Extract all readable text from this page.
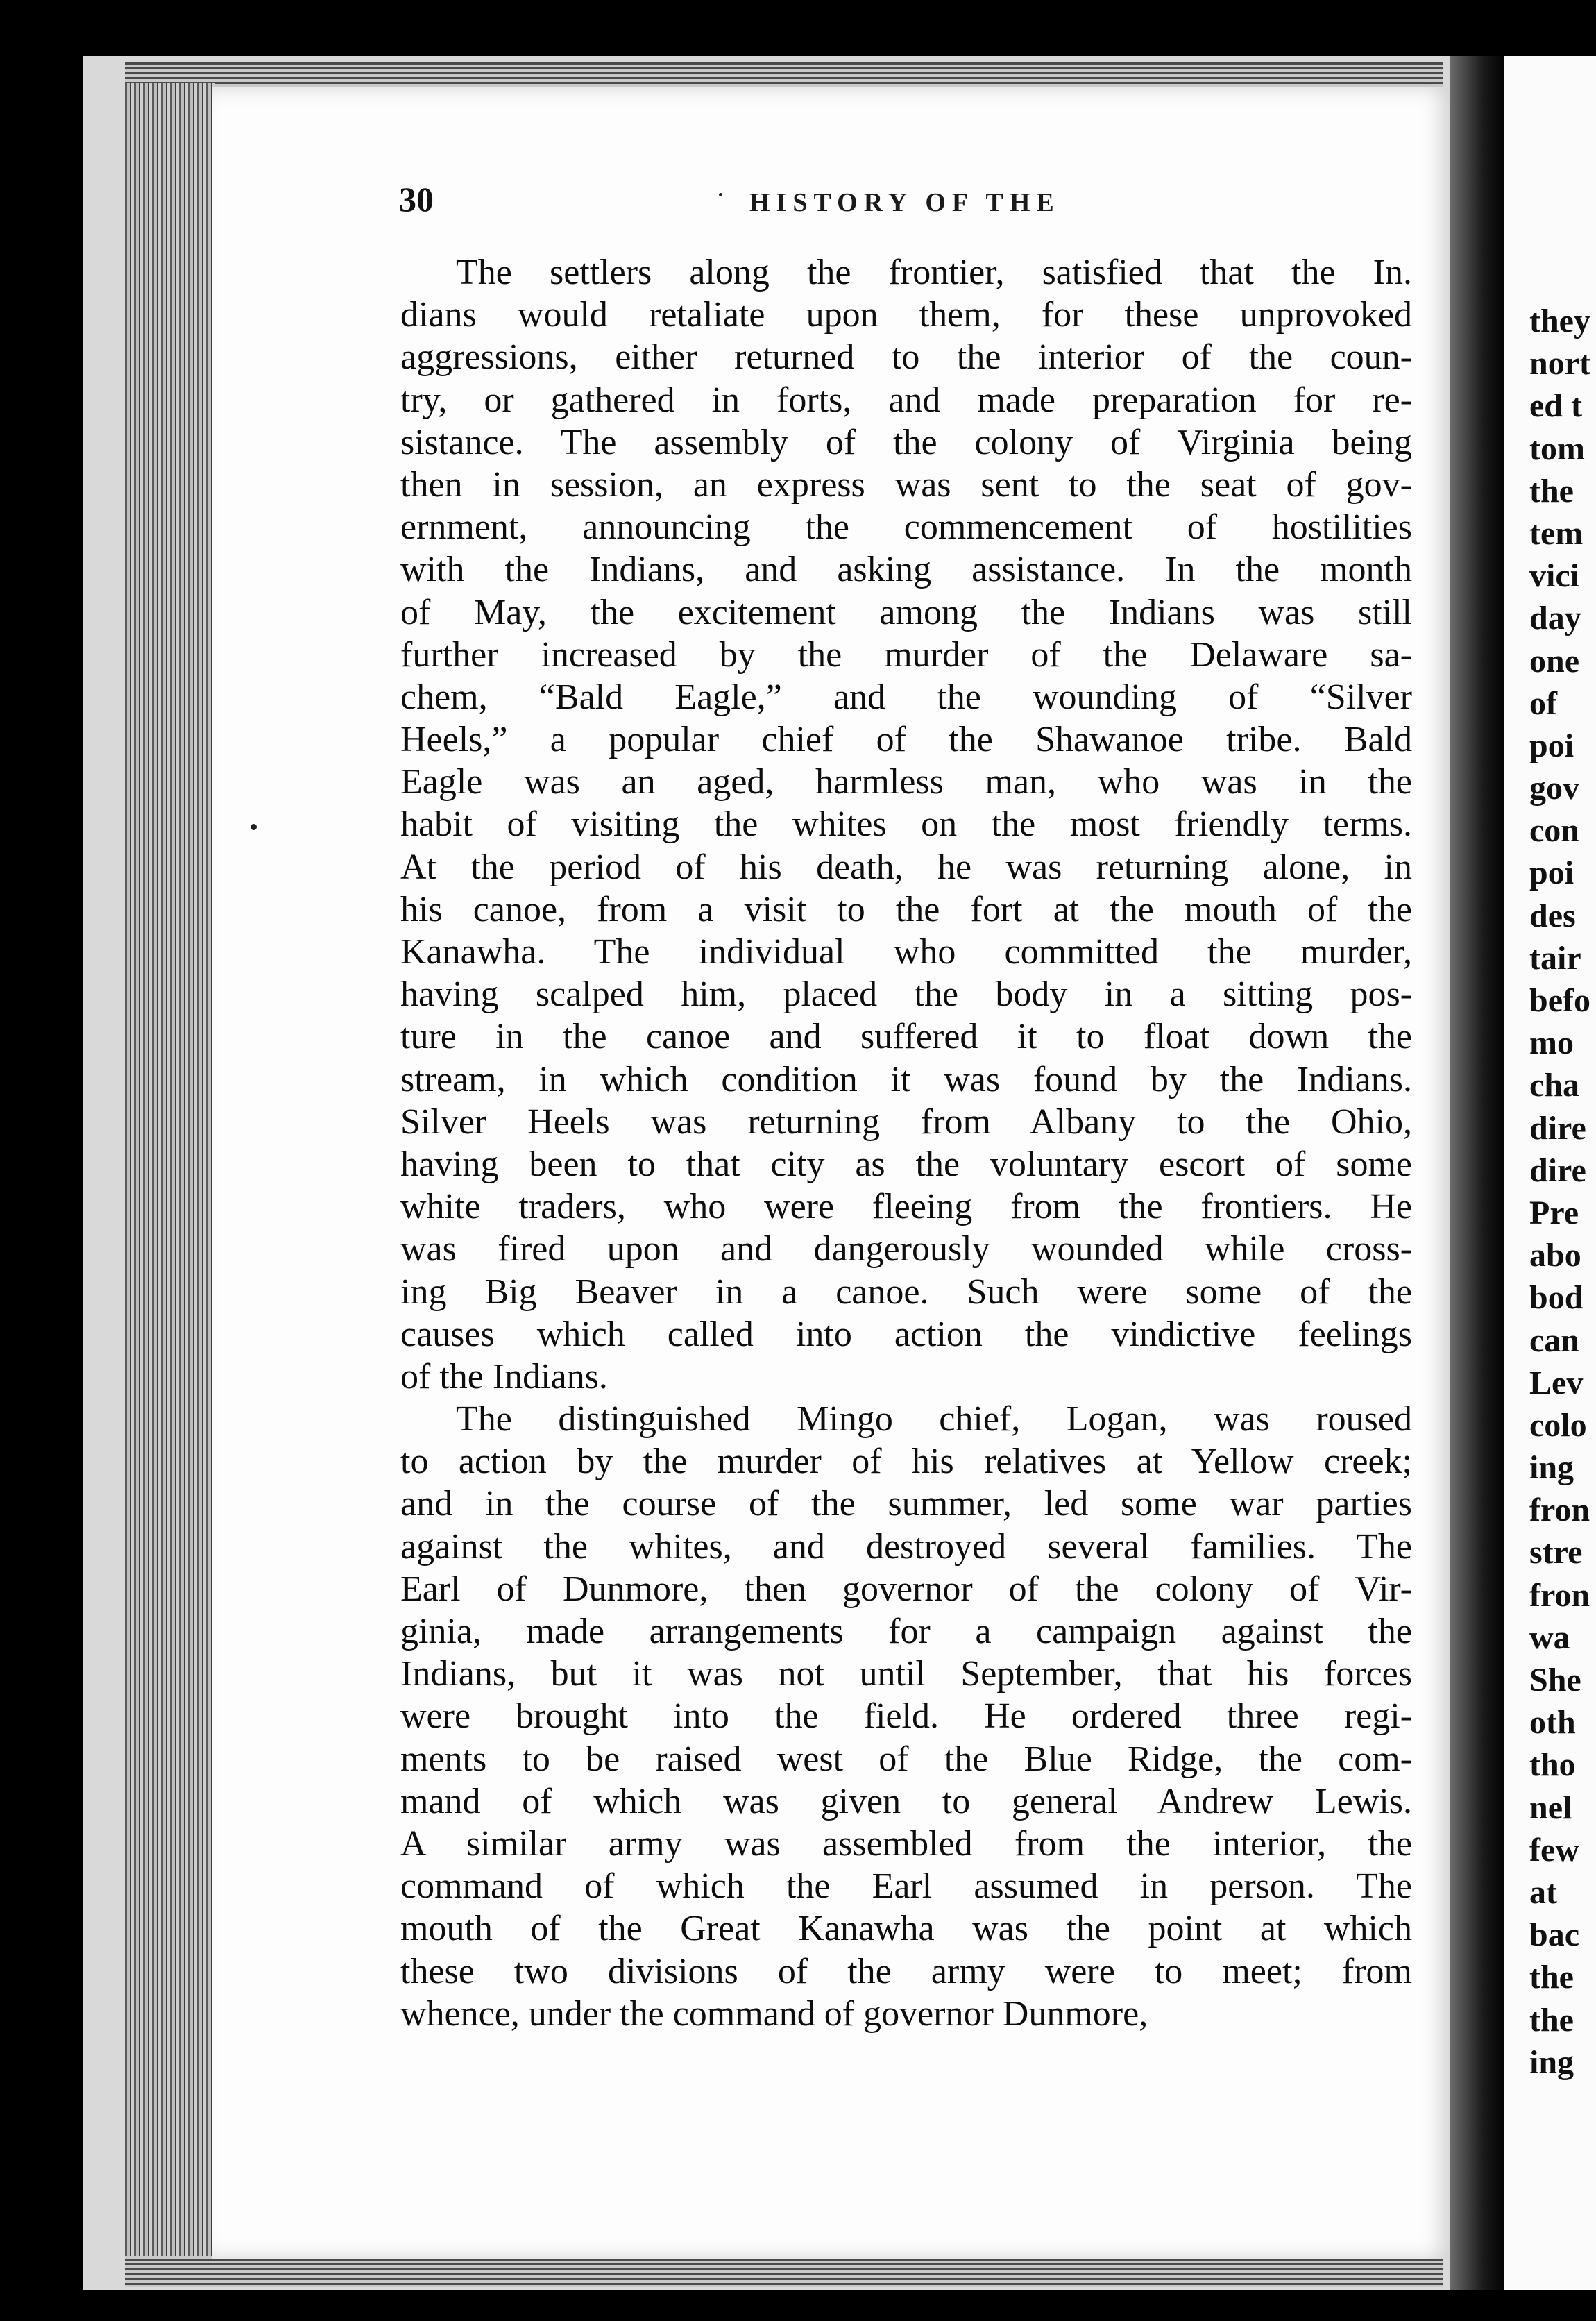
they
nort
ed t
tom
the
tem
vici
day
one
of
poi
gov
con
poi
des
tair
befo
mo
cha
dire
dire
Pre
abo
bod
can
Lev
colo
ing
fron
stre
fron
wa
She
oth
tho
nel
few
at
bac
the
the
ing
30	HISTORY OF THE
The settlers along the frontier, satisfied that the In.
dians would retaliate upon them, for these unprovoked
aggressions, either returned to the interior of the coun-
try, or gathered in forts, and made preparation for re-
sistance. The assembly of the colony of Virginia being
then in session, an express was sent to the seat of gov-
ernment, announcing the commencement of hostilities
with the Indians, and asking assistance. In the month
of May, the excitement among the Indians was still
further increased by the murder of the Delaware sa-
chem, “Bald Eagle,” and the wounding of “Silver
Heels,” a popular chief of the Shawanoe tribe. Bald
Eagle was an aged, harmless man, who was in the
habit of visiting the whites on the most friendly terms.
At the period of his death, he was returning alone, in
his canoe, from a visit to the fort at the mouth of the
Kanawha. The individual who committed the murder,
having scalped him, placed the body in a sitting pos-
ture in the canoe and suffered it to float down the
stream, in which condition it was found by the Indians.
Silver Heels was returning from Albany to the Ohio,
having been to that city as the voluntary escort of some
white traders, who were fleeing from the frontiers. He
was fired upon and dangerously wounded while cross-
ing Big Beaver in a canoe. Such were some of the
causes which called into action the vindictive feelings
of the Indians.
The distinguished Mingo chief, Logan, was roused
to action by the murder of his relatives at Yellow creek;
and in the course of the summer, led some war parties
against the whites, and destroyed several families. The
Earl of Dunmore, then governor of the colony of Vir-
ginia, made arrangements for a campaign against the
Indians, but it was not until September, that his forces
were brought into the field. He ordered three regi-
ments to be raised west of the Blue Ridge, the com-
mand of which was given to general Andrew Lewis.
A similar army was assembled from the interior, the
command of which the Earl assumed in person. The
mouth of the Great Kanawha was the point at which
these two divisions of the army were to meet; from
whence, under the command of governor Dunmore,
